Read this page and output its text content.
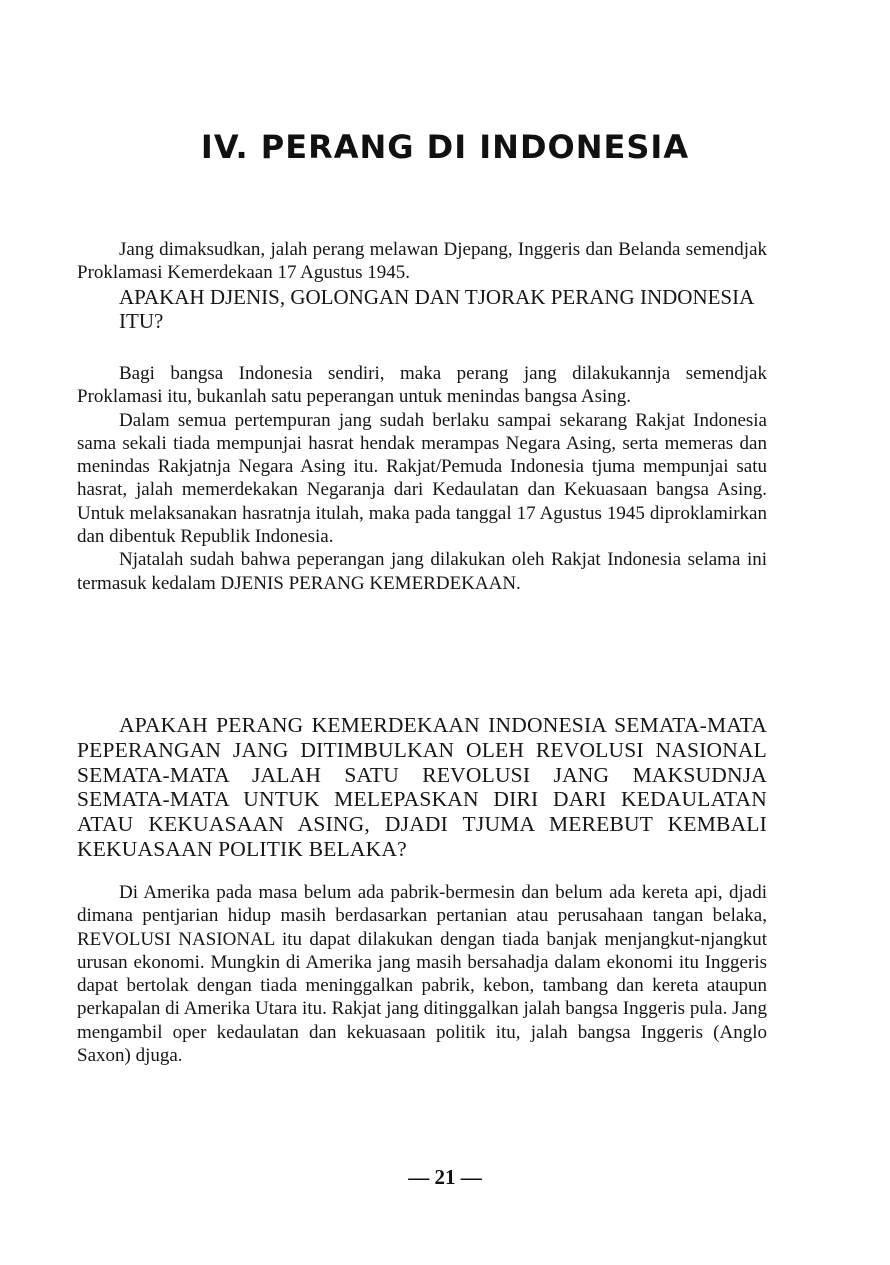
IV. PERANG DI INDONESIA

Jang dimaksudkan, jalah perang melawan Djepang, Inggeris dan Belanda semendjak Proklamasi Kemerdekaan 17 Agustus 1945.

APAKAH DJENIS, GOLONGAN DAN TJORAK PERANG INDONESIA ITU?

Bagi bangsa Indonesia sendiri, maka perang jang dilakukannja semendjak Proklamasi itu, bukanlah satu peperangan untuk menindas bangsa Asing.

Dalam semua pertempuran jang sudah berlaku sampai sekarang Rakjat Indonesia sama sekali tiada mempunjai hasrat hendak merampas Negara Asing, serta memeras dan menindas Rakjatnja Negara Asing itu. Rakjat/Pemuda Indonesia tjuma mempunjai satu hasrat, jalah memerdekakan Negaranja dari Kedaulatan dan Kekuasaan bangsa Asing. Untuk melaksanakan hasratnja itulah, maka pada tanggal 17 Agustus 1945 diproklamirkan dan dibentuk Republik Indonesia.

Njatalah sudah bahwa peperangan jang dilakukan oleh Rakjat Indonesia selama ini termasuk kedalam DJENIS PERANG KEMERDEKAAN.

APAKAH PERANG KEMERDEKAAN INDONESIA SEMATA-MATA PEPERANGAN JANG DITIMBULKAN OLEH REVOLUSI NASIONAL SEMATA-MATA JALAH SATU REVOLUSI JANG MAKSUDNJA SEMATA-MATA UNTUK MELEPASKAN DIRI DARI KEDAULATAN ATAU KEKUASAAN ASING, DJADI TJUMA MEREBUT KEMBALI KEKUASAAN POLITIK BELAKA?

Di Amerika pada masa belum ada pabrik-bermesin dan belum ada kereta api, djadi dimana pentjarian hidup masih berdasarkan pertanian atau perusahaan tangan belaka, REVOLUSI NASIONAL itu dapat dilakukan dengan tiada banjak menjangkut-njangkut urusan ekonomi. Mungkin di Amerika jang masih bersahadja dalam ekonomi itu Inggeris dapat bertolak dengan tiada meninggalkan pabrik, kebon, tambang dan kereta ataupun perkapalan di Amerika Utara itu. Rakjat jang ditinggalkan jalah bangsa Inggeris pula. Jang mengambil oper kedaulatan dan kekuasaan politik itu, jalah bangsa Inggeris (Anglo Saxon) djuga.

— 21 —
